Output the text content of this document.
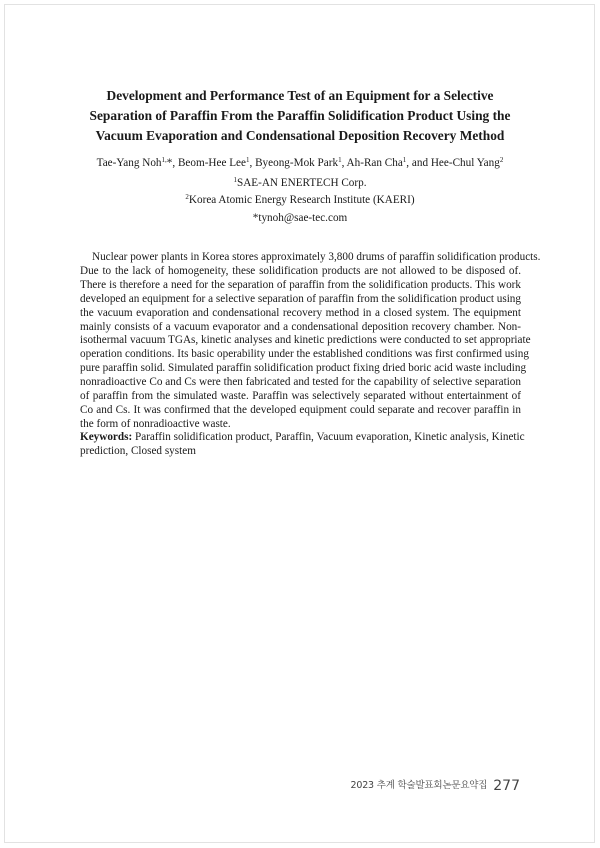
Development and Performance Test of an Equipment for a Selective
Separation of Paraffin From the Paraffin Solidification Product Using the
Vacuum Evaporation and Condensational Deposition Recovery Method
Tae-Yang Noh$^{1,}$*, Beom-Hee Lee$^1$, Byeong-Mok Park$^1$, Ah-Ran Cha$^1$, and Hee-Chul Yang$^2$
$^1$SAE-AN ENERTECH Corp.
$^2$Korea Atomic Energy Research Institute (KAERI)
*tynoh@sae-tec.com
Nuclear power plants in Korea stores approximately 3,800 drums of paraffin solidification products.
Due to the lack of homogeneity, these solidification products are not allowed to be disposed of.
There is therefore a need for the separation of paraffin from the solidification products. This work
developed an equipment for a selective separation of paraffin from the solidification product using
the vacuum evaporation and condensational recovery method in a closed system. The equipment
mainly consists of a vacuum evaporator and a condensational deposition recovery chamber. Non-
isothermal vacuum TGAs, kinetic analyses and kinetic predictions were conducted to set appropriate
operation conditions. Its basic operability under the established conditions was first confirmed using
pure paraffin solid. Simulated paraffin solidification product fixing dried boric acid waste including
nonradioactive Co and Cs were then fabricated and tested for the capability of selective separation
of paraffin from the simulated waste. Paraffin was selectively separated without entertainment of
Co and Cs. It was confirmed that the developed equipment could separate and recover paraffin in
the form of nonradioactive waste.
Keywords: Paraffin solidification product, Paraffin, Vacuum evaporation, Kinetic analysis, Kinetic
prediction, Closed system
2023 추계 학술발표회논문요약집 277
